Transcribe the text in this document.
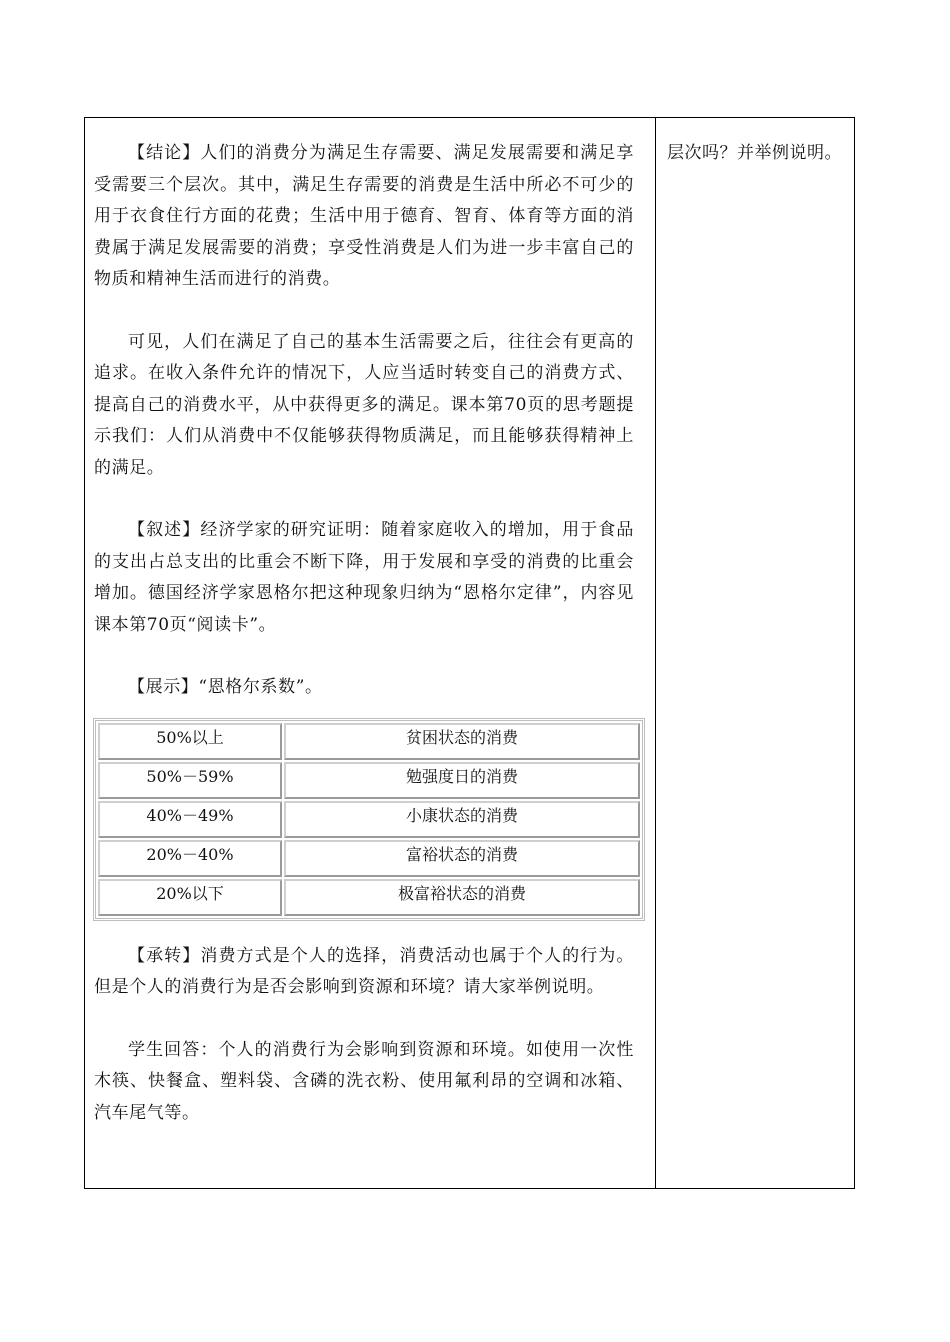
【结论】人们的消费分为满足生存需要、满足发展需要和满足享受需要三个层次。其中，满足生存需要的消费是生活中所必不可少的用于衣食住行方面的花费；生活中用于德育、智育、体育等方面的消费属于满足发展需要的消费；享受性消费是人们为进一步丰富自己的物质和精神生活而进行的消费。

可见，人们在满足了自己的基本生活需要之后，往往会有更高的追求。在收入条件允许的情况下，人应当适时转变自己的消费方式、提高自己的消费水平，从中获得更多的满足。课本第70页的思考题提示我们：人们从消费中不仅能够获得物质满足，而且能够获得精神上的满足。

【叙述】经济学家的研究证明：随着家庭收入的增加，用于食品的支出占总支出的比重会不断下降，用于发展和享受的消费的比重会增加。德国经济学家恩格尔把这种现象归纳为“恩格尔定律”，内容见课本第70页“阅读卡”。

【展示】“恩格尔系数”。

50%以上	贫困状态的消费
50%－59%	勉强度日的消费
40%－49%	小康状态的消费
20%－40%	富裕状态的消费
20%以下	极富裕状态的消费

【承转】消费方式是个人的选择，消费活动也属于个人的行为。但是个人的消费行为是否会影响到资源和环境？请大家举例说明。

学生回答：个人的消费行为会影响到资源和环境。如使用一次性木筷、快餐盒、塑料袋、含磷的洗衣粉、使用氟利昂的空调和冰箱、汽车尾气等。

层次吗？并举例说明。
